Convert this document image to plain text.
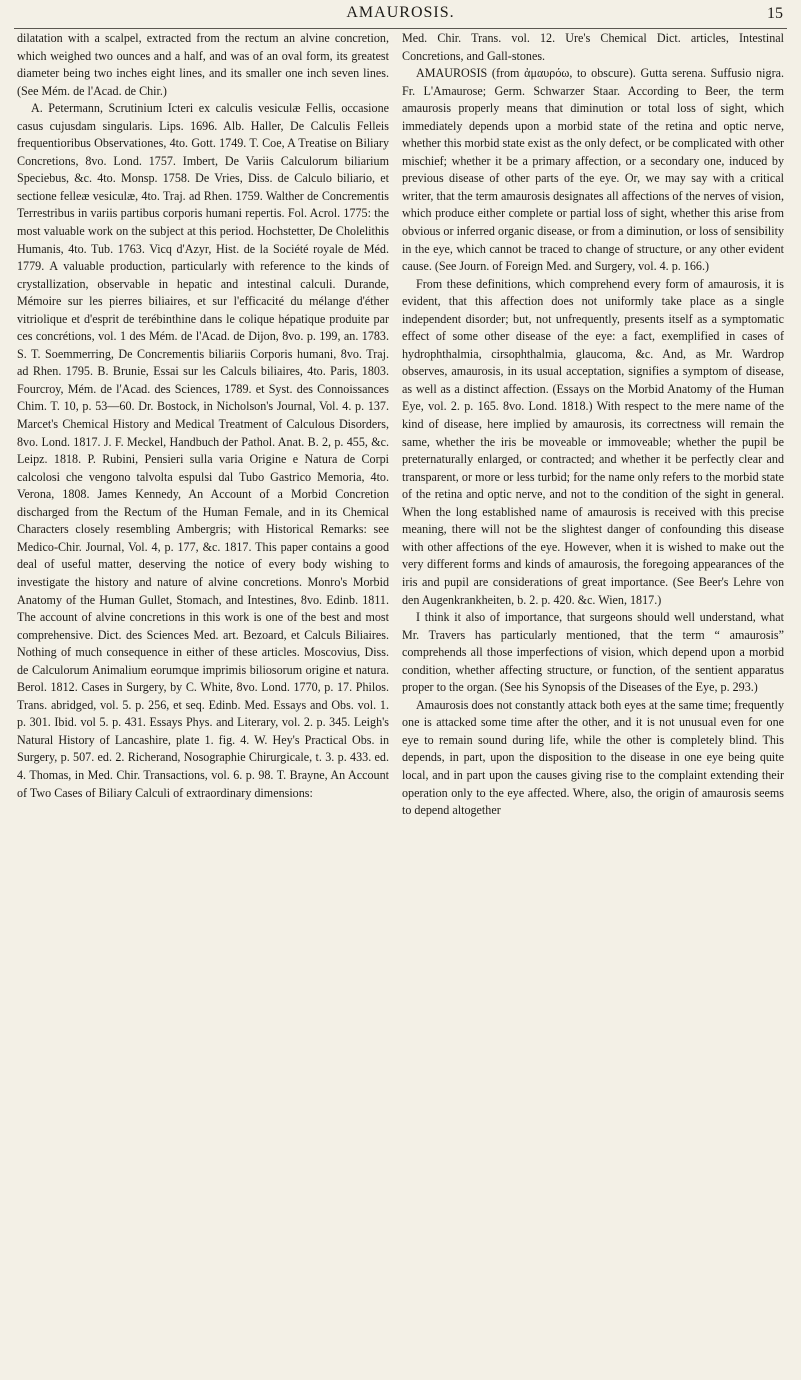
AMAUROSIS.	15

dilatation with a scalpel, extracted from the rectum an alvine concretion, which weighed two ounces and a half, and was of an oval form, its greatest diameter being two inches eight lines, and its smaller one inch seven lines. (See Mém. de l'Acad. de Chir.)

A. Petermann, Scrutinium Icteri ex calculis vesiculæ Fellis, occasione casus cujusdam singularis. Lips. 1696. Alb. Haller, De Calculis Felleis frequentioribus Observationes, 4to. Gott. 1749. T. Coe, A Treatise on Biliary Concretions, 8vo. Lond. 1757. Imbert, De Variis Calculorum biliarium Speciebus, &c. 4to. Monsp. 1758. De Vries, Diss. de Calculo biliario, et sectione felleæ vesiculæ, 4to. Traj. ad Rhen. 1759. Walther de Concrementis Terrestribus in variis partibus corporis humani repertis. Fol. Acrol. 1775: the most valuable work on the subject at this period. Hochstetter, De Cholelithis Humanis, 4to. Tub. 1763. Vicq d'Azyr, Hist. de la Société royale de Méd. 1779. A valuable production, particularly with reference to the kinds of crystallization, observable in hepatic and intestinal calculi. Durande, Mémoire sur les pierres biliaires, et sur l'efficacité du mélange d'éther vitriolique et d'esprit de terébinthine dans le colique hépatique produite par ces concrétions, vol. 1 des Mém. de l'Acad. de Dijon, 8vo. p. 199, an. 1783. S. T. Soemmerring, De Concrementis biliariis Corporis humani, 8vo. Traj. ad Rhen. 1795. B. Brunie, Essai sur les Calculs biliaires, 4to. Paris, 1803. Fourcroy, Mém. de l'Acad. des Sciences, 1789. et Syst. des Connoissances Chim. T. 10, p. 53—60. Dr. Bostock, in Nicholson's Journal, Vol. 4. p. 137. Marcet's Chemical History and Medical Treatment of Calculous Disorders, 8vo. Lond. 1817. J. F. Meckel, Handbuch der Pathol. Anat. B. 2, p. 455, &c. Leipz. 1818. P. Rubini, Pensieri sulla varia Origine e Natura de Corpi calcolosi che vengono talvolta espulsi dal Tubo Gastrico Memoria, 4to. Verona, 1808. James Kennedy, An Account of a Morbid Concretion discharged from the Rectum of the Human Female, and in its Chemical Characters closely resembling Ambergris; with Historical Remarks: see Medico-Chir. Journal, Vol. 4, p. 177, &c. 1817. This paper contains a good deal of useful matter, deserving the notice of every body wishing to investigate the history and nature of alvine concretions. Monro's Morbid Anatomy of the Human Gullet, Stomach, and Intestines, 8vo. Edinb. 1811. The account of alvine concretions in this work is one of the best and most comprehensive. Dict. des Sciences Med. art. Bezoard, et Calculs Biliaires. Nothing of much consequence in either of these articles. Moscovius, Diss. de Calculorum Animalium eorumque imprimis biliosorum origine et natura. Berol. 1812. Cases in Surgery, by C. White, 8vo. Lond. 1770, p. 17. Philos. Trans. abridged, vol. 5. p. 256, et seq. Edinb. Med. Essays and Obs. vol. 1. p. 301. Ibid. vol 5. p. 431. Essays Phys. and Literary, vol. 2. p. 345. Leigh's Natural History of Lancashire, plate 1. fig. 4. W. Hey's Practical Obs. in Surgery, p. 507. ed. 2. Richerand, Nosographie Chirurgicale, t. 3. p. 433. ed. 4. Thomas, in Med. Chir. Transactions, vol. 6. p. 98. T. Brayne, An Account of Two Cases of Biliary Calculi of extraordinary dimensions:

Med. Chir. Trans. vol. 12. Ure's Chemical Dict. articles, Intestinal Concretions, and Gall-stones.

AMAUROSIS (from ἀμαυρόω, to obscure). Gutta serena. Suffusio nigra. Fr. L'Amaurose; Germ. Schwarzer Staar. According to Beer, the term amaurosis properly means that diminution or total loss of sight, which immediately depends upon a morbid state of the retina and optic nerve, whether this morbid state exist as the only defect, or be complicated with other mischief; whether it be a primary affection, or a secondary one, induced by previous disease of other parts of the eye. Or, we may say with a critical writer, that the term amaurosis designates all affections of the nerves of vision, which produce either complete or partial loss of sight, whether this arise from obvious or inferred organic disease, or from a diminution, or loss of sensibility in the eye, which cannot be traced to change of structure, or any other evident cause. (See Journ. of Foreign Med. and Surgery, vol. 4. p. 166.)

From these definitions, which comprehend every form of amaurosis, it is evident, that this affection does not uniformly take place as a single independent disorder; but, not unfrequently, presents itself as a symptomatic effect of some other disease of the eye: a fact, exemplified in cases of hydrophthalmia, cirsophthalmia, glaucoma, &c. And, as Mr. Wardrop observes, amaurosis, in its usual acceptation, signifies a symptom of disease, as well as a distinct affection. (Essays on the Morbid Anatomy of the Human Eye, vol. 2. p. 165. 8vo. Lond. 1818.) With respect to the mere name of the kind of disease, here implied by amaurosis, its correctness will remain the same, whether the iris be moveable or immoveable; whether the pupil be preternaturally enlarged, or contracted; and whether it be perfectly clear and transparent, or more or less turbid; for the name only refers to the morbid state of the retina and optic nerve, and not to the condition of the sight in general. When the long established name of amaurosis is received with this precise meaning, there will not be the slightest danger of confounding this disease with other affections of the eye. However, when it is wished to make out the very different forms and kinds of amaurosis, the foregoing appearances of the iris and pupil are considerations of great importance. (See Beer's Lehre von den Augenkrankheiten, b. 2. p. 420. &c. Wien, 1817.)

I think it also of importance, that surgeons should well understand, what Mr. Travers has particularly mentioned, that the term “ amaurosis” comprehends all those imperfections of vision, which depend upon a morbid condition, whether affecting structure, or function, of the sentient apparatus proper to the organ. (See his Synopsis of the Diseases of the Eye, p. 293.)

Amaurosis does not constantly attack both eyes at the same time; frequently one is attacked some time after the other, and it is not unusual even for one eye to remain sound during life, while the other is completely blind. This depends, in part, upon the disposition to the disease in one eye being quite local, and in part upon the causes giving rise to the complaint extending their operation only to the eye affected. Where, also, the origin of amaurosis seems to depend altogether
